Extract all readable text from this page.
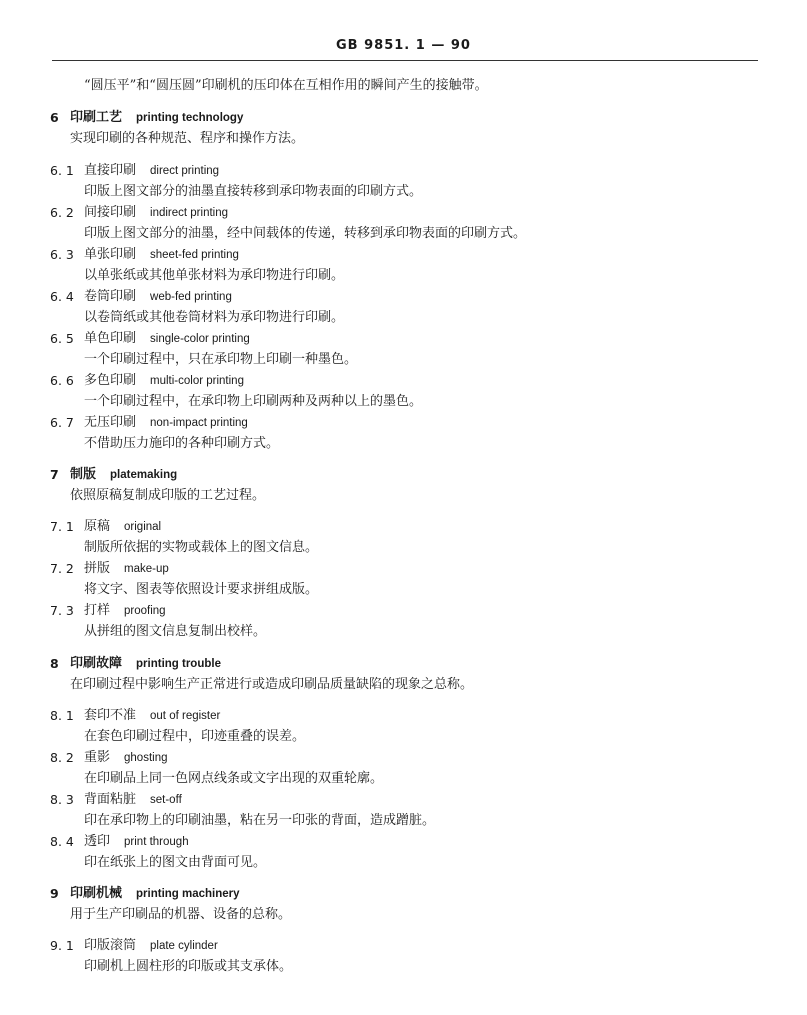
GB 9851. 1 — 90
“圆压平”和“圆压圆”印刷机的压印体在互相作用的瞬间产生的接触带。
6 印刷工艺 printing technology
实现印刷的各种规范、程序和操作方法。
6. 1 直接印刷 direct printing
印版上图文部分的油墨直接转移到承印物表面的印刷方式。
6. 2 间接印刷 indirect printing
印版上图文部分的油墨，经中间载体的传递，转移到承印物表面的印刷方式。
6. 3 单张印刷 sheet-fed printing
以单张纸或其他单张材料为承印物进行印刷。
6. 4 卷筒印刷 web-fed printing
以卷筒纸或其他卷筒材料为承印物进行印刷。
6. 5 单色印刷 single-color printing
一个印刷过程中，只在承印物上印刷一种墨色。
6. 6 多色印刷 multi-color printing
一个印刷过程中，在承印物上印刷两种及两种以上的墨色。
6. 7 无压印刷 non-impact printing
不借助压力施印的各种印刷方式。
7 制版 platemaking
依照原稿复制成印版的工艺过程。
7. 1 原稿 original
制版所依据的实物或载体上的图文信息。
7. 2 拼版 make-up
将文字、图表等依照设计要求拼组成版。
7. 3 打样 proofing
从拼组的图文信息复制出校样。
8 印刷故障 printing trouble
在印刷过程中影响生产正常进行或造成印刷品质量缺陷的现象之总称。
8. 1 套印不准 out of register
在套色印刷过程中，印迹重叠的误差。
8. 2 重影 ghosting
在印刷品上同一色网点线条或文字出现的双重轮廓。
8. 3 背面粘脏 set-off
印在承印物上的印刷油墨，粘在另一印张的背面，造成蹭脏。
8. 4 透印 print through
印在纸张上的图文由背面可见。
9 印刷机械 printing machinery
用于生产印刷品的机器、设备的总称。
9. 1 印版滚筒 plate cylinder
印刷机上圆柱形的印版或其支承体。
